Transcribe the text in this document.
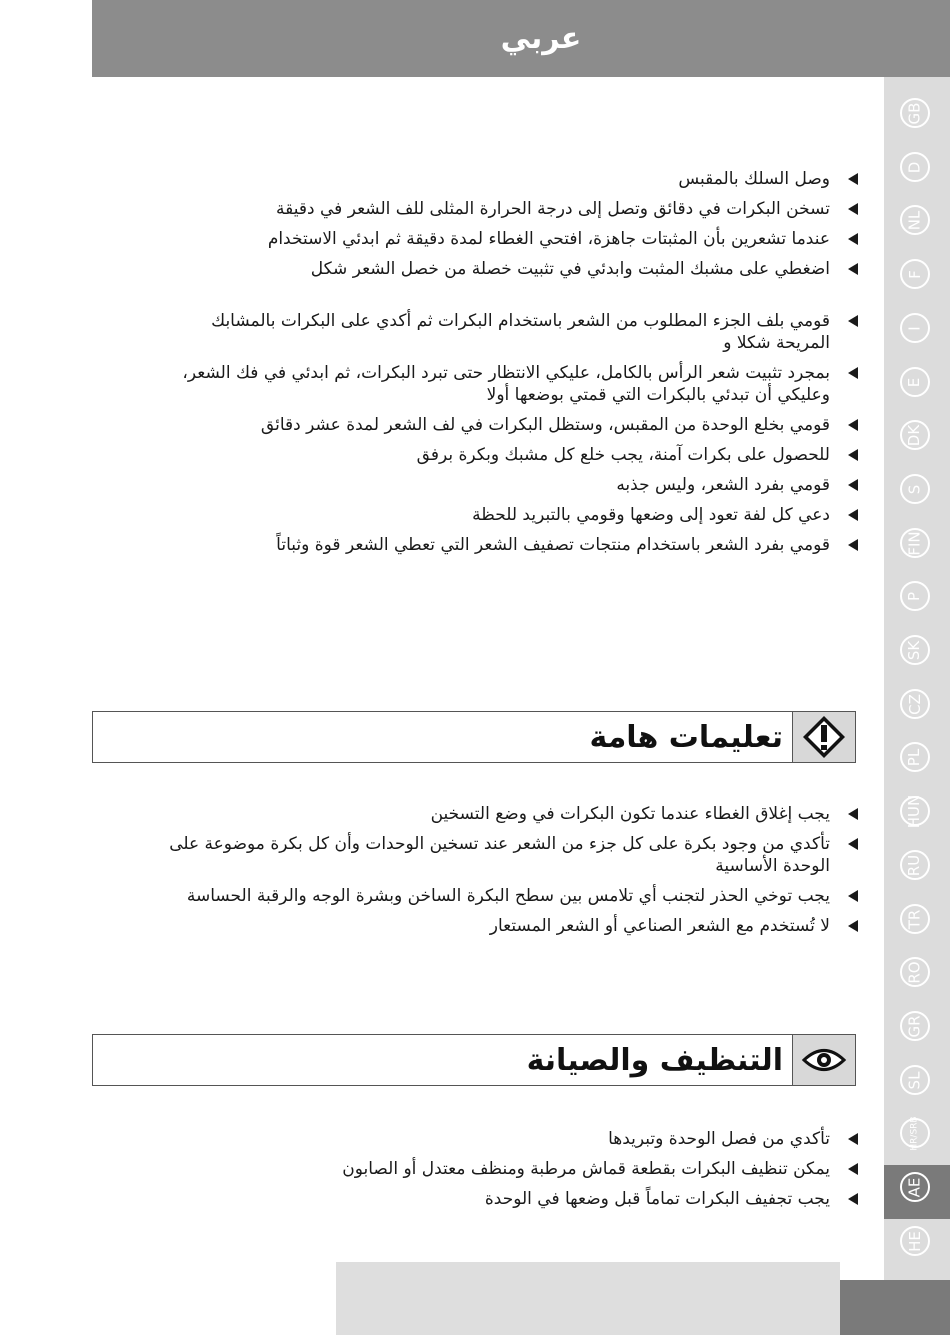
عربي
GB
D
NL
F
I
E
DK
S
FIN
P
SK
CZ
PL
HUN
RU
TR
RO
GR
SL
HR/SRB
AE
HE
وصل السلك بالمقبس
تسخن البكرات في دقائق وتصل إلى درجة الحرارة المثلى للف الشعر في دقيقة
عندما تشعرين بأن المثبتات جاهزة، افتحي الغطاء لمدة دقيقة ثم ابدئي الاستخدام
اضغطي على مشبك المثبت وابدئي في تثبيت خصلة من خصل الشعر شكل
قومي بلف الجزء المطلوب من الشعر باستخدام البكرات ثم أكدي على البكرات بالمشابك المريحة شكلا و
بمجرد تثبيت شعر الرأس بالكامل، عليكي الانتظار حتى تبرد البكرات، ثم ابدئي في فك الشعر، وعليكي أن تبدئي بالبكرات التي قمتي بوضعها أولا
قومي بخلع الوحدة من المقبس، وستظل البكرات في لف الشعر لمدة عشر دقائق
للحصول على بكرات آمنة، يجب خلع كل مشبك وبكرة برفق
قومي بفرد الشعر، وليس جذبه
دعي كل لفة تعود إلى وضعها وقومي بالتبريد للحظة
قومي بفرد الشعر باستخدام منتجات تصفيف الشعر التي تعطي الشعر قوة وثباتاً
تعليمات هامة
يجب إغلاق الغطاء عندما تكون البكرات في وضع التسخين
تأكدي من وجود بكرة على كل جزء من الشعر عند تسخين الوحدات وأن كل بكرة موضوعة على الوحدة الأساسية
يجب توخي الحذر لتجنب أي تلامس بين سطح البكرة الساخن وبشرة الوجه والرقبة الحساسة
لا تُستخدم مع الشعر الصناعي أو الشعر المستعار
التنظيف والصيانة
تأكدي من فصل الوحدة وتبريدها
يمكن تنظيف البكرات بقطعة قماش مرطبة ومنظف معتدل أو الصابون
يجب تجفيف البكرات تماماً قبل وضعها في الوحدة
